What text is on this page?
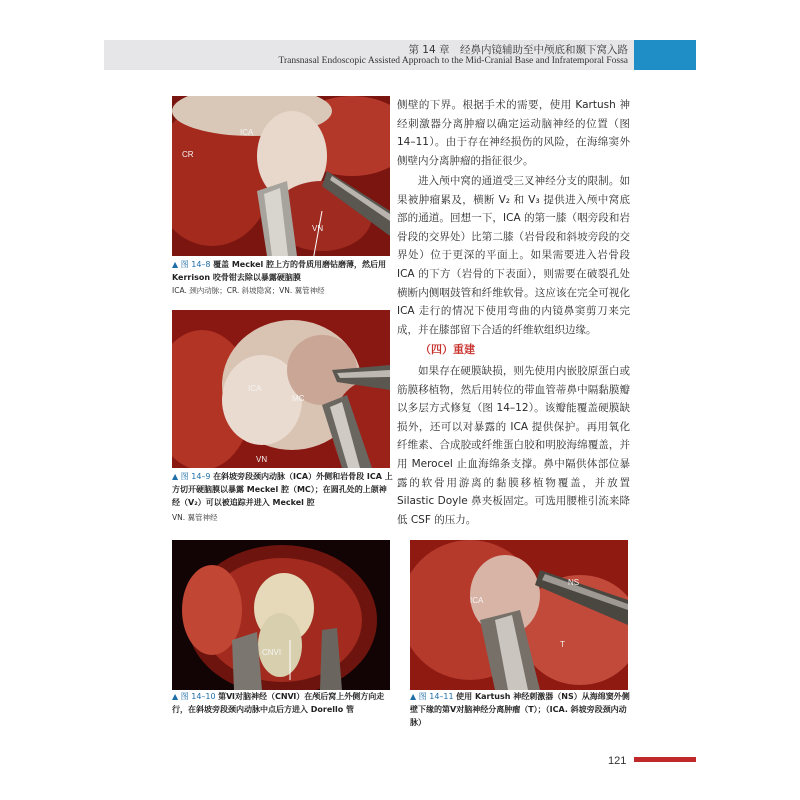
第 14 章　经鼻内镜辅助至中颅底和颞下窝入路
Transnasal Endoscopic Assisted Approach to the Mid-Cranial Base and Infratemporal Fossa
ICA
CR
VN
▲ 图 14–8 覆盖 Meckel 腔上方的骨质用磨钻磨薄，然后用 Kerrison 咬骨钳去除以暴露硬脑膜
ICA. 颈内动脉；CR. 斜坡隐窝；VN. 翼管神经
ICA
MC
VN
▲ 图 14–9 在斜坡旁段颈内动脉（ICA）外侧和岩骨段 ICA 上方切开硬脑膜以暴露 Meckel 腔（MC）；在圆孔处的上颌神经（V₂）可以被追踪并进入 Meckel 腔
VN. 翼管神经
CNVI
▲ 图 14–10 第Ⅵ对脑神经（CNⅥ）在颅后窝上外侧方向走行，在斜坡旁段颈内动脉中点后方进入 Dorello 管
NS
ICA
T
▲ 图 14–11 使用 Kartush 神经刺激器（NS）从海绵窦外侧壁下缘的第Ⅴ对脑神经分离肿瘤（T）；（ICA. 斜坡旁段颈内动脉）

侧壁的下界。根据手术的需要，使用 Kartush 神经刺激器分离肿瘤以确定运动脑神经的位置（图 14–11）。由于存在神经损伤的风险，在海绵窦外侧壁内分离肿瘤的指征很少。

进入颅中窝的通道受三叉神经分支的限制。如果被肿瘤累及，横断 V₂ 和 V₃ 提供进入颅中窝底部的通道。回想一下，ICA 的第一膝（咽旁段和岩骨段的交界处）比第二膝（岩骨段和斜坡旁段的交界处）位于更深的平面上。如果需要进入岩骨段 ICA 的下方（岩骨的下表面），则需要在破裂孔处横断内侧咽鼓管和纤维软骨。这应该在完全可视化 ICA 走行的情况下使用弯曲的内镜鼻窦剪刀来完成，并在膝部留下合适的纤维软组织边缘。

（四）重建

如果存在硬膜缺损，则先使用内嵌胶原蛋白或筋膜移植物，然后用转位的带血管蒂鼻中隔黏膜瓣以多层方式修复（图 14–12）。该瓣能覆盖硬膜缺损外，还可以对暴露的 ICA 提供保护。再用氧化纤维素、合成胶或纤维蛋白胶和明胶海绵覆盖，并用 Merocel 止血海绵条支撑。鼻中隔供体部位暴露的软骨用游离的黏膜移植物覆盖，并放置 Silastic Doyle 鼻夹板固定。可选用腰椎引流来降低 CSF 的压力。

121
